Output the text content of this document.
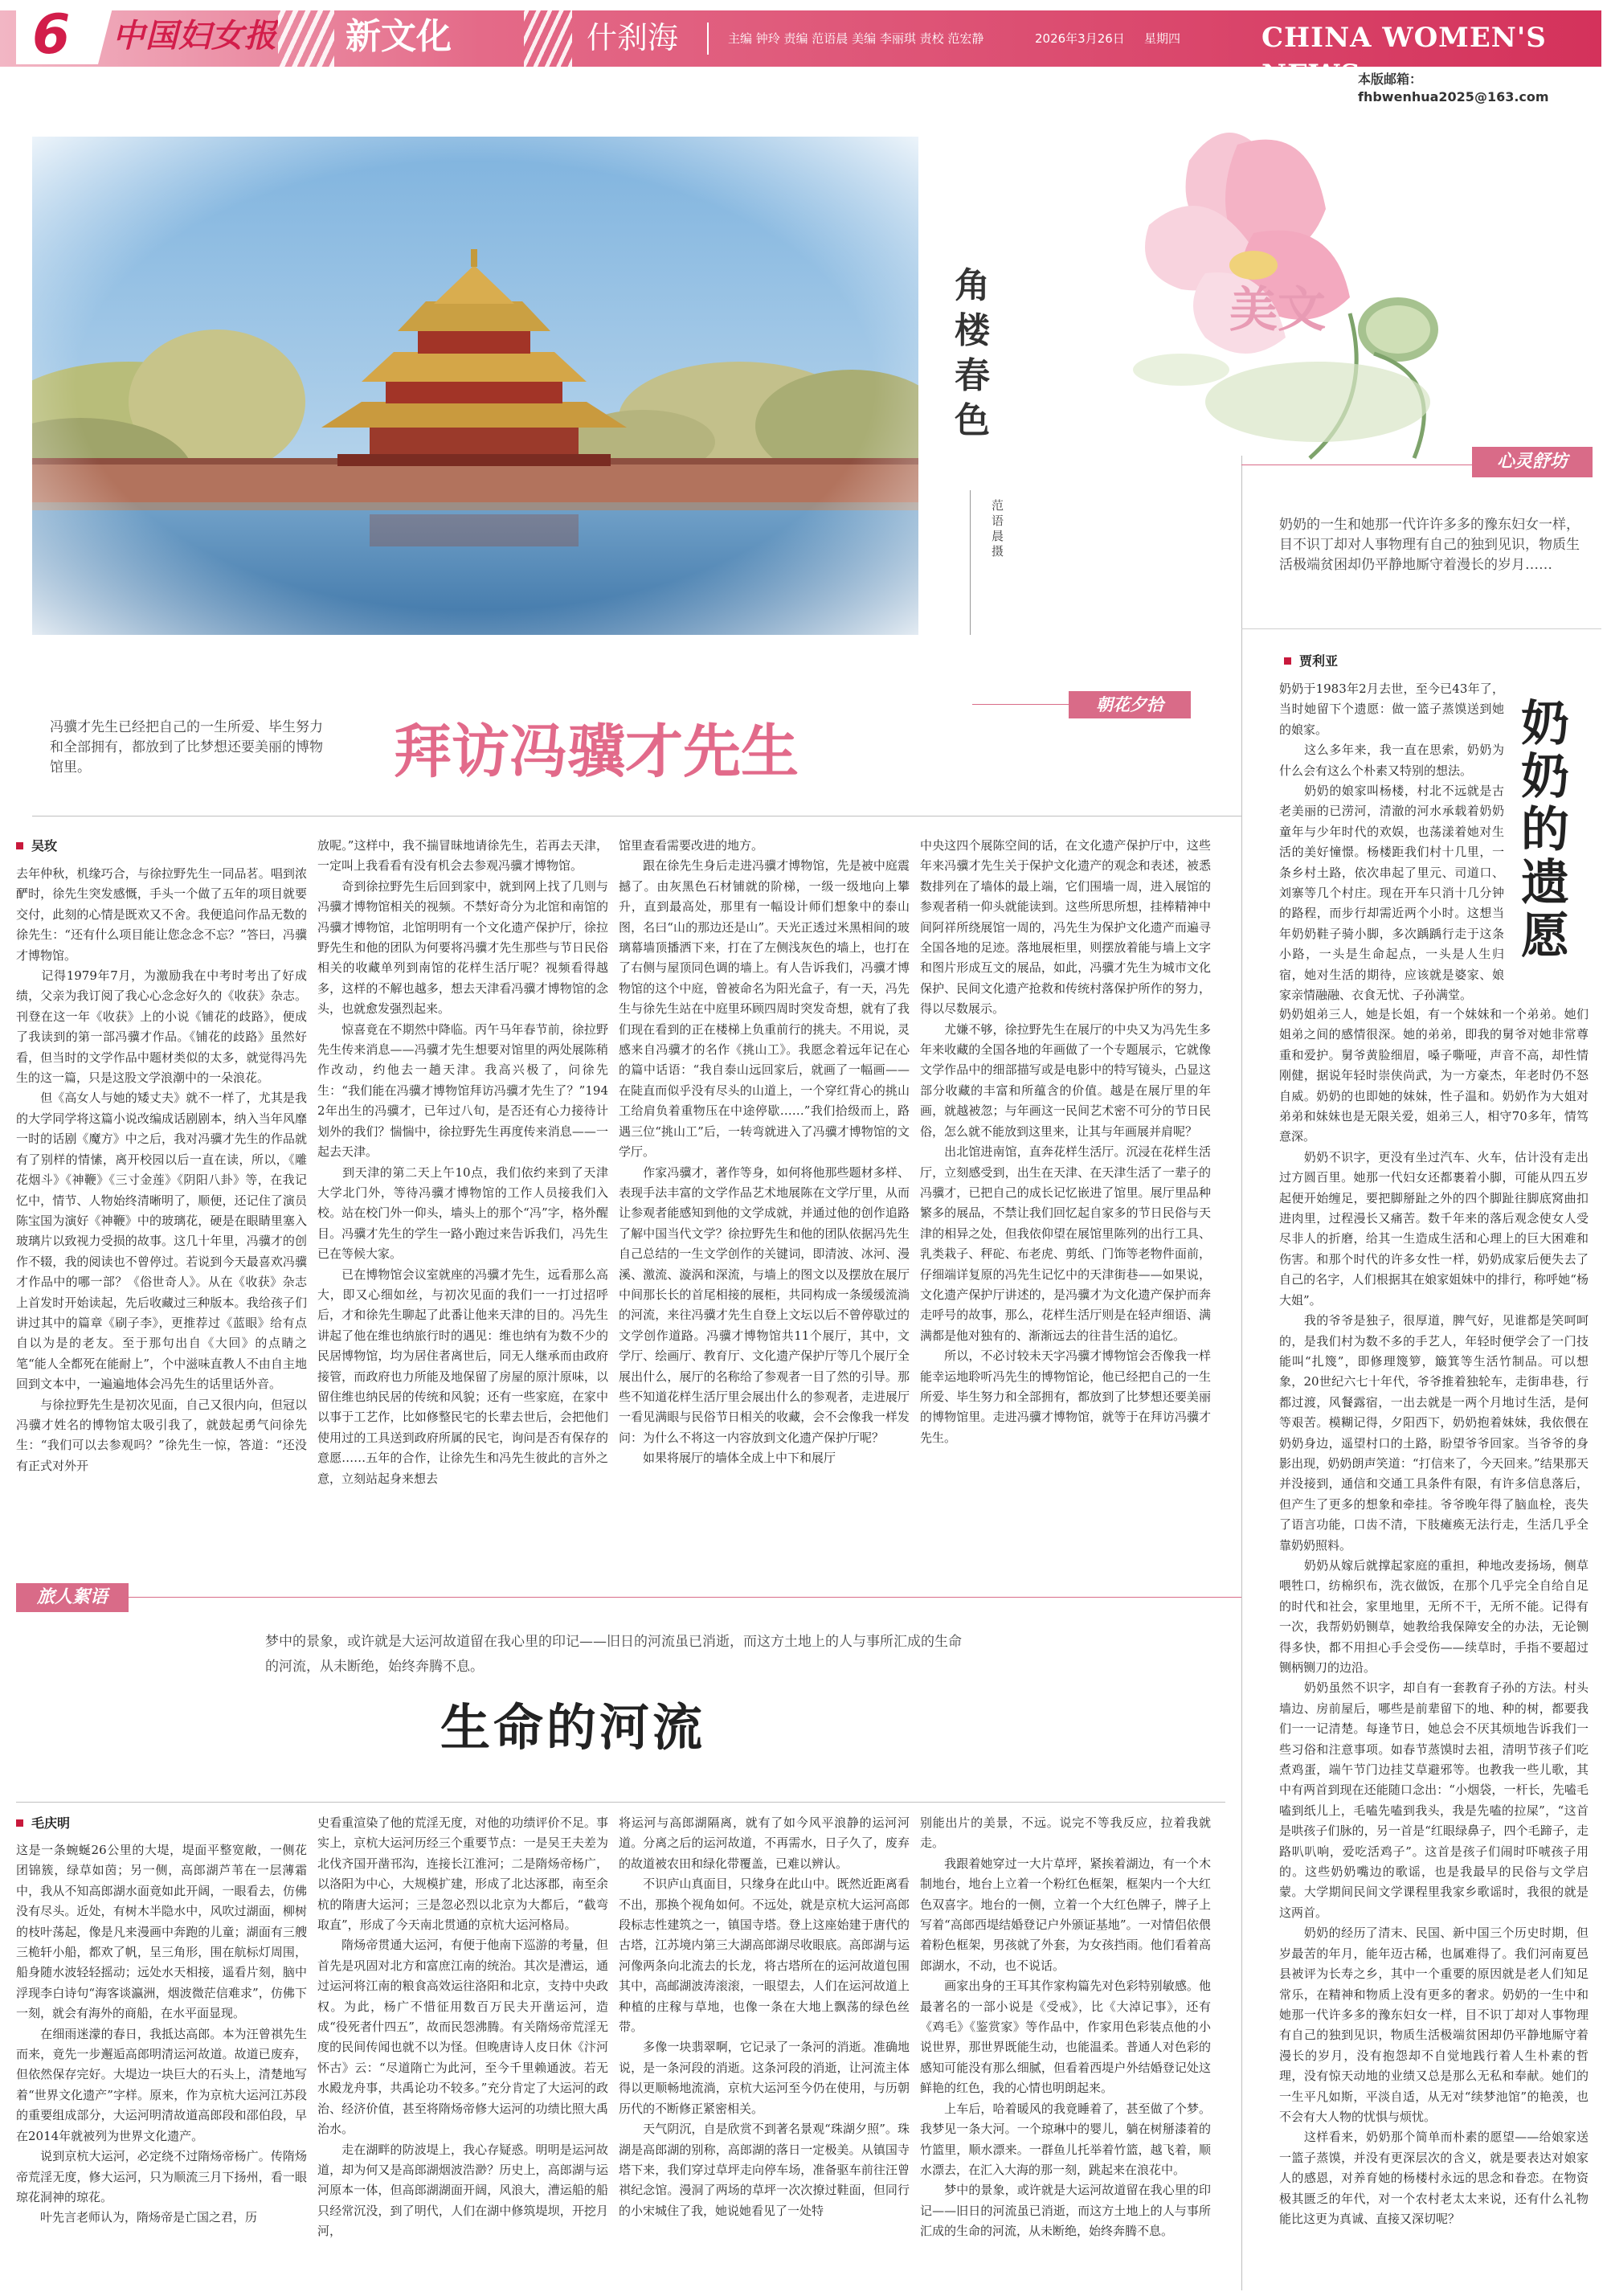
6 中国妇女报 新文化	什刹海	主编 钟玲 责编 范语晨 美编 李丽琪 责校 范宏静	2026年3月26日 星期四	CHINA WOMEN'S NEWS
本版邮箱：fhbwenhua2025@163.com
角楼春色
范语晨摄
美文
心灵舒坊
奶奶的一生和她那一代许许多多的豫东妇女一样，目不识丁却对人事物理有自己的独到见识，物质生活极端贫困却仍平静地厮守着漫长的岁月……
贾利亚
奶奶于1983年2月去世，至今已43年了，当时她留下个遗愿：做一篮子蒸馍送到她的娘家。
　　这么多年来，我一直在思索，奶奶为什么会有这么个朴素又特别的想法。
　　奶奶的娘家叫杨楼，村北不远就是古老美丽的已涝河，清澈的河水承载着奶奶童年与少年时代的欢娱，也荡漾着她对生活的美好憧憬。杨楼距我们村十几里，一条乡村土路，依次串起了里元、司道口、刘寨等几个村庄。现在开车只消十几分钟的路程，而步行却需近两个小时。这想当年奶奶鞋子骑小脚，多次踽踽行走于这条小路，一头是生命起点，一头是人生归宿，她对生活的期待，应该就是婆家、娘家亲情融融、衣食无忧、子孙满堂。
奶奶的遗愿
奶奶姐弟三人，她是长姐，有一个妹妹和一个弟弟。她们姐弟之间的感情很深。她的弟弟，即我的舅爷对她非常尊重和爱护。舅爷黄脸细眉，嗓子嘶哑，声音不高，却性情刚健，据说年轻时崇侠尚武，为一方豪杰，年老时仍不怒自威。奶奶的也即她的妹妹，性子温和。奶奶作为大姐对弟弟和妹妹也是无限关爱，姐弟三人，相守70多年，情笃意深。
　　奶奶不识字，更没有坐过汽车、火车，估计没有走出过方圆百里。她那一代妇女还都裹着小脚，可能从四五岁起便开始缠足，要把脚掰趾之外的四个脚趾往脚底窝曲扣进肉里，过程漫长又痛苦。数千年来的落后观念使女人受尽非人的折磨，给其一生造成生活和心理上的巨大困难和伤害。和那个时代的许多女性一样，奶奶成家后便失去了自己的名字，人们根据其在娘家姐妹中的排行，称呼她“杨大姐”。
　　我的爷爷是独子，很厚道，脾气好，见谁都是笑呵呵的，是我们村为数不多的手艺人，年轻时便学会了一门技能叫“扎篾”，即修理篾箩，簸箕等生活竹制品。可以想象，20世纪六七十年代，爷爷推着独轮车，走街串巷，行都过渡，风餐露宿，一出去就是一两个月地讨生活，是何等艰苦。模糊记得，夕阳西下，奶奶抱着妹妹，我依偎在奶奶身边，遥望村口的土路，盼望爷爷回家。当爷爷的身影出现，奶奶朗声笑道：“打信来了，今天回来。”结果那天并没接到，通信和交通工具条件有限，有许多信息落后，但产生了更多的想象和牵挂。爷爷晚年得了脑血栓，丧失了语言功能，口齿不清，下肢瘫痪无法行走，生活几乎全靠奶奶照料。
　　奶奶从嫁后就撑起家庭的重担，种地改麦扬场，侧草喂牲口，纺棉织布，洗衣做饭，在那个几乎完全自给自足的时代和社会，家里地里，无所不干，无所不能。记得有一次，我帮奶奶铡草，她教给我保障安全的办法，无论铡得多快，都不用担心手会受伤——续草时，手指不要超过铡柄铡刀的边沿。
　　奶奶虽然不识字，却自有一套教育子孙的方法。村头墙边、房前屋后，哪些是前辈留下的地、种的树，都要我们一一记清楚。每逢节日，她总会不厌其烦地告诉我们一些习俗和注意事项。如春节蒸馍时去祖，清明节孩子们吃煮鸡蛋，端午节门边挂艾草避邪等。也教我一些儿歌，其中有两首到现在还能随口念出：“小烟袋，一杆长，先嗑毛嗑到纸儿上，毛嗑先嗑到我头，我是先嗑的拉屎”，“这首是哄孩子们脉的，另一首是“红眼绿鼻子，四个毛蹄子，走路叭叭响，爱吃活鸡子”。这首是孩子们闹时吓唬孩子用的。这些奶奶嘴边的歌谣，也是我最早的民俗与文学启蒙。大学期间民间文学课程里我家乡歌谣时，我很的就是这两首。
　　奶奶的经历了清末、民国、新中国三个历史时期，但岁最苦的年月，能年迈古稀，也属难得了。我们河南夏邑县被评为长寿之乡，其中一个重要的原因就是老人们知足常乐，在精神和物质上没有更多的奢求。奶奶的一生中和她那一代许多多的豫东妇女一样，目不识丁却对人事物理有自己的独到见识，物质生活极端贫困却仍平静地厮守着漫长的岁月，没有抱怨却不自觉地践行着人生朴素的哲理，没有惊天动地的业绩又总是那么无私和奉献。她们的一生平凡如斯，平淡自适，从无对“续梦池馆”的艳羡，也不会有大人物的忧惧与烦忧。
　　这样看来，奶奶那个简单而朴素的愿望——给娘家送一篮子蒸馍，并没有更深层次的含义，就是要表达对娘家人的感恩，对养育她的杨楼村永远的思念和眷恋。在物资极其匮乏的年代，对一个农村老太太来说，还有什么礼物能比这更为真诚、直接又深切呢？
朝花夕拾
冯骥才先生已经把自己的一生所爱、毕生努力和全部拥有，都放到了比梦想还要美丽的博物馆里。	拜访冯骥才先生
吴玫
去年仲秋，机缘巧合，与徐拉野先生一同品茗。唱到浓酽时，徐先生突发感慨，手头一个做了五年的项目就要交付，此刻的心情是既欢又不舍。我便追问作品无数的徐先生：“还有什么项目能让您念念不忘？”答曰，冯骥才博物馆。
　　记得1979年7月，为激励我在中考时考出了好成绩，父亲为我订阅了我心心念念好久的《收获》杂志。刊登在这一年《收获》上的小说《铺花的歧路》，便成了我读到的第一部冯骥才作品。《铺花的歧路》虽然好看，但当时的文学作品中题材类似的太多，就觉得冯先生的这一篇，只是这股文学浪潮中的一朵浪花。
　　但《高女人与她的矮丈夫》就不一样了，尤其是我的大学同学将这篇小说改编成话剧剧本，纳入当年风靡一时的话剧《魔方》中之后，我对冯骥才先生的作品就有了别样的情愫，离开校园以后一直在读，所以，《雕花烟斗》《神鞭》《三寸金莲》《阴阳八卦》等，在我记忆中，情节、人物始终清晰明了，顺便，还记住了演员陈宝国为演好《神鞭》中的玻璃花，硬是在眼睛里塞入玻璃片以致视力受损的故事。这几十年里，冯骥才的创作不辍，我的阅读也不曾停过。若说到今天最喜欢冯骥才作品中的哪一部？《俗世奇人》。从在《收获》杂志上首发时开始读起，先后收藏过三种版本。我给孩子们讲过其中的篇章《刷子李》，更推荐过《蓝眼》给有点自以为是的老友。至于那句出自《大回》的点睛之笔“能人全都死在能耐上”，个中滋味直教人不由自主地回到文本中，一遍遍地体会冯先生的话里话外音。
　　与徐拉野先生是初次见面，自己又很内向，但冠以冯骥才姓名的博物馆太吸引我了，就鼓起勇气问徐先生：“我们可以去参观吗？”徐先生一惊，答道：“还没有正式对外开
放呢。”这样中，我不揣冒昧地请徐先生，若再去天津，一定叫上我看看有没有机会去参观冯骥才博物馆。
　　奇到徐拉野先生后回到家中，就到网上找了几则与冯骥才博物馆相关的视频。不禁好奇分为北馆和南馆的冯骥才博物馆，北馆明明有一个文化遗产保护厅，徐拉野先生和他的团队为何要将冯骥才先生那些与节日民俗相关的收藏单列到南馆的花样生活厅呢？视频看得越多，这样的不解也越多，想去天津看冯骥才博物馆的念头，也就愈发强烈起来。
　　惊喜竟在不期然中降临。丙午马年春节前，徐拉野先生传来消息——冯骥才先生想要对馆里的两处展陈稍作改动，约他去一趟天津。我高兴极了，问徐先生：“我们能在冯骥才博物馆拜访冯骥才先生了？”1942年出生的冯骥才，已年过八旬，是否还有心力接待计划外的我们？惴惴中，徐拉野先生再度传来消息——一起去天津。
　　到天津的第二天上午10点，我们依约来到了天津大学北门外，等待冯骥才博物馆的工作人员接我们入校。站在校门外一仰头，墙头上的那个“冯”字，格外醒目。冯骥才先生的学生一路小跑过来告诉我们，冯先生已在等候大家。
　　已在博物馆会议室就座的冯骥才先生，远看那么高大，即又心细如丝，与初次见面的我们一一打过招呼后，才和徐先生聊起了此番让他来天津的目的。冯先生讲起了他在维也纳旅行时的遇见：维也纳有为数不少的民居博物馆，均为居住者离世后，同无人继承而由政府接管，而政府也力所能及地保留了房屋的原汁原味，以留住维也纳民居的传统和风貌；还有一些家庭，在家中以事于工艺作，比如修整民宅的长辈去世后，会把他们使用过的工具送到政府所属的民宅，询问是否有保存的意愿……五年的合作，让徐先生和冯先生彼此的言外之意，立刻站起身来想去
馆里查看需要改进的地方。
　　跟在徐先生身后走进冯骥才博物馆，先是被中庭震撼了。由灰黑色石材铺就的阶梯，一级一级地向上攀升，直到最高处，那里有一幅设计师们想象中的泰山图，名曰“山的那边还是山”。天光正透过米黑相间的玻璃幕墙顶播洒下来，打在了左侧浅灰色的墙上，也打在了右侧与屋顶同色调的墙上。有人告诉我们，冯骥才博物馆的这个中庭，曾被命名为阳光盒子，有一天，冯先生与徐先生站在中庭里环顾四周时突发奇想，就有了我们现在看到的正在楼梯上负重前行的挑夫。不用说，灵感来自冯骥才的名作《挑山工》。我愿念着远年记在心的篇中话语：“我自泰山远回家后，就画了一幅画——在陡直而似乎没有尽头的山道上，一个穿红背心的挑山工给肩负着重物压在中途停歇……”我们拾级而上，路遇三位“挑山工”后，一转弯就进入了冯骥才博物馆的文学厅。
　　作家冯骥才，著作等身，如何将他那些题材多样、表现手法丰富的文学作品艺术地展陈在文学厅里，从而让参观者能感知到他的文学成就，并通过他的创作追路了解中国当代文学？徐拉野先生和他的团队依据冯先生自己总结的一生文学创作的关键词，即清波、冰河、漫溪、激流、漩涡和深流，与墙上的图文以及摆放在展厅中间那长长的首尾相接的展柜，共同构成一条缓缓流淌的河流，来往冯骥才先生自登上文坛以后不曾停歇过的文学创作道路。冯骥才博物馆共11个展厅，其中，文学厅、绘画厅、教育厅、文化遗产保护厅等几个展厅全展出什么，展厅的名称给了参观者一目了然的引导。那些不知道花样生活厅里会展出什么的参观者，走进展厅一看见满眼与民俗节日相关的收藏，会不会像我一样发问：为什么不将这一内容放到文化遗产保护厅呢？
　　如果将展厅的墙体全成上中下和展厅
中央这四个展陈空间的话，在文化遗产保护厅中，这些年来冯骥才先生关于保护文化遗产的观念和表述，被悉数排列在了墙体的最上端，它们围墙一周，进入展馆的参观者稍一仰头就能读到。这些所思所想，挂棒精神中间阿祥所绕展馆一周的，冯先生为保护文化遗产而遍寻全国各地的足迹。落地展柜里，则摆放着能与墙上文字和图片形成互文的展品，如此，冯骥才先生为城市文化保护、民间文化遗产抢救和传统村落保护所作的努力，得以尽数展示。
　　尤嫌不够，徐拉野先生在展厅的中央又为冯先生多年来收藏的全国各地的年画做了一个专题展示，它就像文学作品中的细部描写或是电影中的特写镜头，凸显这部分收藏的丰富和所蕴含的价值。越是在展厅里的年画，就越被忽；与年画这一民间艺术密不可分的节日民俗，怎么就不能放到这里来，让其与年画展并肩呢？
　　出北馆进南馆，直奔花样生活厅。沉浸在花样生活厅，立刻感受到，出生在天津、在天津生活了一辈子的冯骥才，已把自己的成长记忆嵌进了馆里。展厅里品种繁多的展品，不禁让我们回忆起自家多的节日民俗与天津的相异之处，但我依仰望在展馆里陈列的出行工具、乳类栽子、秤砣、布老虎、剪纸、门饰等老物件面前，仔细端详复原的冯先生记忆中的天津街巷——如果说，文化遗产保护厅讲述的，是冯骥才为文化遗产保护而奔走呼号的故事，那么，花样生活厅则是在轻声细语、满满都是他对独有的、渐渐远去的往昔生活的追忆。
　　所以，不必讨较未天字冯骥才博物馆会否像我一样能幸运地聆听冯先生的博物馆论，他已经把自己的一生所爱、毕生努力和全部拥有，都放到了比梦想还要美丽的博物馆里。走进冯骥才博物馆，就等于在拜访冯骥才先生。
旅人絮语
梦中的景象，或许就是大运河故道留在我心里的印记——旧日的河流虽已消逝，而这方土地上的人与事所汇成的生命的河流，从未断绝，始终奔腾不息。
生命的河流
毛庆明
这是一条蜿蜒26公里的大堤，堤面平整宽敞，一侧花团锦簇，绿草如茵；另一侧，高郎湖芦苇在一层薄霜中，我从不知高郎湖水面竟如此开阔，一眼看去，仿佛没有尽头。近处，有树木半隐水中，风吹过湖面，柳树的枝叶荡起，像是凡来漫画中奔跑的儿童；湖面有三艘三桅轩小船，都欢了帆，呈三角形，围在航标灯周围，船身随水波轻轻摇动；远处水天相接，遥看片刻，脑中浮现李白诗句“海客谈瀛洲，烟波微茫信难求”，仿佛下一刻，就会有海外的商船，在水平面显现。
　　在细雨迷濛的春日，我抵达高郎。本为汪曾祺先生而来，竟先一步邂逅高郎明清运河故道。故道已废弃，但依然保存完好。大堤边一块巨大的石头上，清楚地写着“世界文化遗产”字样。原来，作为京杭大运河江苏段的重要组成部分，大运河明清故道高郎段和邵伯段，早在2014年就被列为世界文化遗产。
　　说到京杭大运河，必定绕不过隋炀帝杨广。传隋炀帝荒淫无度，修大运河，只为顺流三月下扬州，看一眼琼花洞神的琼花。
　　叶先言老师认为，隋炀帝是亡国之君，历
史看重渲染了他的荒淫无度，对他的功绩评价不足。事实上，京杭大运河历经三个重要节点：一是吴王夫差为北伐齐国开凿邗沟，连接长江淮河；二是隋炀帝杨广，以洛阳为中心，大规模扩建，形成了北达涿郡，南至余杭的隋唐大运河；三是忽必烈以北京为大都后，“截弯取直”，形成了今天南北贯通的京杭大运河格局。
　　隋炀帝贯通大运河，有便于他南下巡游的考量，但首先是巩固对北方和富庶江南的统治。其次是漕运，通过运河将江南的粮食高效运往洛阳和北京，支持中央政权。为此，杨广不惜征用数百万民夫开凿运河，造成“役死者什四五”，故而民怨沸腾。有关隋炀帝荒淫无度的民间传闻也就不以为怪。但晚唐诗人皮日休《汴河怀古》云：“尽道隋亡为此河，至今千里赖通波。若无水殿龙舟事，共禹论功不较多。”充分肯定了大运河的政治、经济价值，甚至将隋炀帝修大运河的功绩比照大禹治水。
　　走在湖畔的防波堤上，我心存疑惑。明明是运河故道，却为何又是高郎湖烟波浩渺？历史上，高郎湖与运河原本一体，但高郎湖湖面开阔，风浪大，漕运船的船只经常沉没，到了明代，人们在湖中修筑堤坝，开挖月河，
将运河与高郎湖隔离，就有了如今风平浪静的运河河道。分离之后的运河故道，不再需水，日子久了，废弃的故道被农田和绿化带覆盖，已难以辨认。
　　不识庐山真面目，只缘身在此山中。既然近距离看不出，那换个视角如何。不远处，就是京杭大运河高郎段标志性建筑之一，镇国寺塔。登上这座始建于唐代的古塔，江苏境内第三大湖高郎湖尽收眼底。高郎湖与运河像两条向北流去的长龙，将古塔所在的运河故道包围其中，高邮湖波涛滚滚，一眼望去，人们在运河故道上种植的庄稼与草地，也像一条在大地上飘荡的绿色丝带。
　　多像一块翡翠啊，它记录了一条河的消逝。准确地说，是一条河段的消逝。这条河段的消逝，让河流主体得以更顺畅地流淌，京杭大运河至今仍在使用，与历朝历代的不断修正紧密相关。
　　天气阴沉，自是欣赏不到著名景观“珠湖夕照”。珠湖是高郎湖的别称，高郎湖的落日一定极美。从镇国寺塔下来，我们穿过草坪走向停车场，准备驱车前往汪曾祺纪念馆。漫洞了两场的草坪一次次撩过鞋面，但同行的小宋城住了我，她说她看见了一处特
别能出片的美景，不远。说完不等我反应，拉着我就走。
　　我跟着她穿过一大片草坪，紧挨着湖边，有一个木制地台，地台上立着一个粉红色框架，框架内一个大红色双喜字。地台的一侧，立着一个大红色牌子，牌子上写着“高郎西堤结婚登记户外颁证基地”。一对情侣依偎着粉色框架，男孩就了外套，为女孩挡雨。他们看着高郎湖水，不动，也不说话。
　　画家出身的王耳其作家构篇先对色彩特别敏感。他最著名的一部小说是《受戒》，比《大淖记事》，还有《鸡毛》《鉴赏家》等作品中，作家用色彩装点他的小说世界，那世界既能生动，也能温柔。普通人对色彩的感知可能没有那么细腻，但看着西堤户外结婚登记处这鲜艳的红色，我的心情也明朗起来。
　　上车后，哈着暖风的我竟睡着了，甚至做了个梦。我梦见一条大河。一个琼琳中的婴儿，躺在树掰漆着的竹篮里，顺水漂来。一群鱼儿托举着竹篮，越飞着，顺水漂去，在汇入大海的那一刻，跳起来在浪花中。
　　梦中的景象，或许就是大运河故道留在我心里的印记——旧日的河流虽已消逝，而这方土地上的人与事所汇成的生命的河流，从未断绝，始终奔腾不息。
